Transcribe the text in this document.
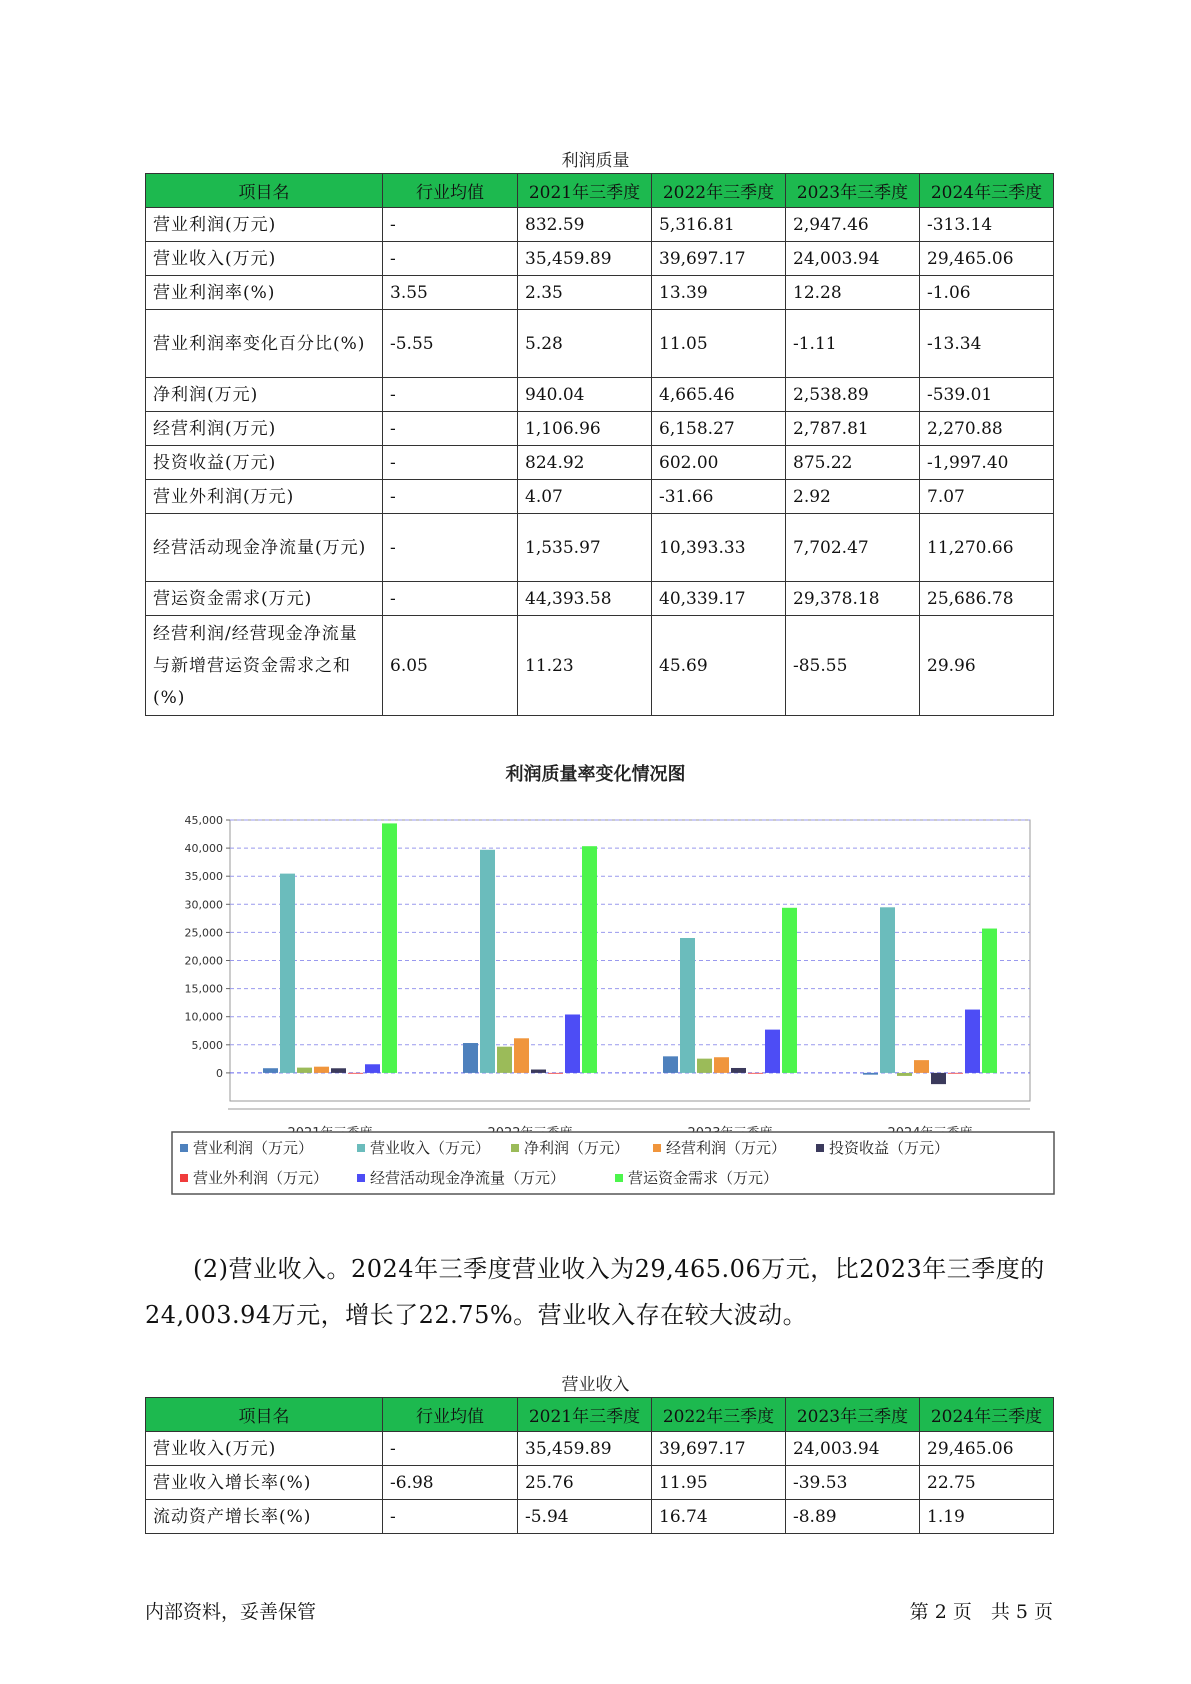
利润质量
项目名	行业均值	2021年三季度	2022年三季度	2023年三季度	2024年三季度
营业利润(万元)	-	832.59	5,316.81	2,947.46	-313.14
营业收入(万元)	-	35,459.89	39,697.17	24,003.94	29,465.06
营业利润率(%)	3.55	2.35	13.39	12.28	-1.06
营业利润率变化百分比(%)	-5.55	5.28	11.05	-1.11	-13.34
净利润(万元)	-	940.04	4,665.46	2,538.89	-539.01
经营利润(万元)	-	1,106.96	6,158.27	2,787.81	2,270.88
投资收益(万元)	-	824.92	602.00	875.22	-1,997.40
营业外利润(万元)	-	4.07	-31.66	2.92	7.07
经营活动现金净流量(万元)	-	1,535.97	10,393.33	7,702.47	11,270.66
营运资金需求(万元)	-	44,393.58	40,339.17	29,378.18	25,686.78
经营利润/经营现金净流量与新增营运资金需求之和(%)	6.05	11.23	45.69	-85.55	29.96
利润质量率变化情况图
0
5,000
10,000
15,000
20,000
25,000
30,000
35,000
40,000
45,000
营业利润（万元）	营业收入（万元） 净利润（万元） 经营利润（万元）	投资收益（万元）
营业外利润（万元）	经营活动现金净流量（万元）	营运资金需求（万元）
(2)营业收入。2024年三季度营业收入为29,465.06万元，比2023年三季度的24,003.94万元，增长了22.75%。营业收入存在较大波动。
营业收入
项目名	行业均值	2021年三季度	2022年三季度	2023年三季度	2024年三季度
营业收入(万元)	-	35,459.89	39,697.17	24,003.94	29,465.06
营业收入增长率(%)	-6.98	25.76	11.95	-39.53	22.75
流动资产增长率(%)	-	-5.94	16.74	-8.89	1.19
内部资料，妥善保管	第 2 页　共 5 页
